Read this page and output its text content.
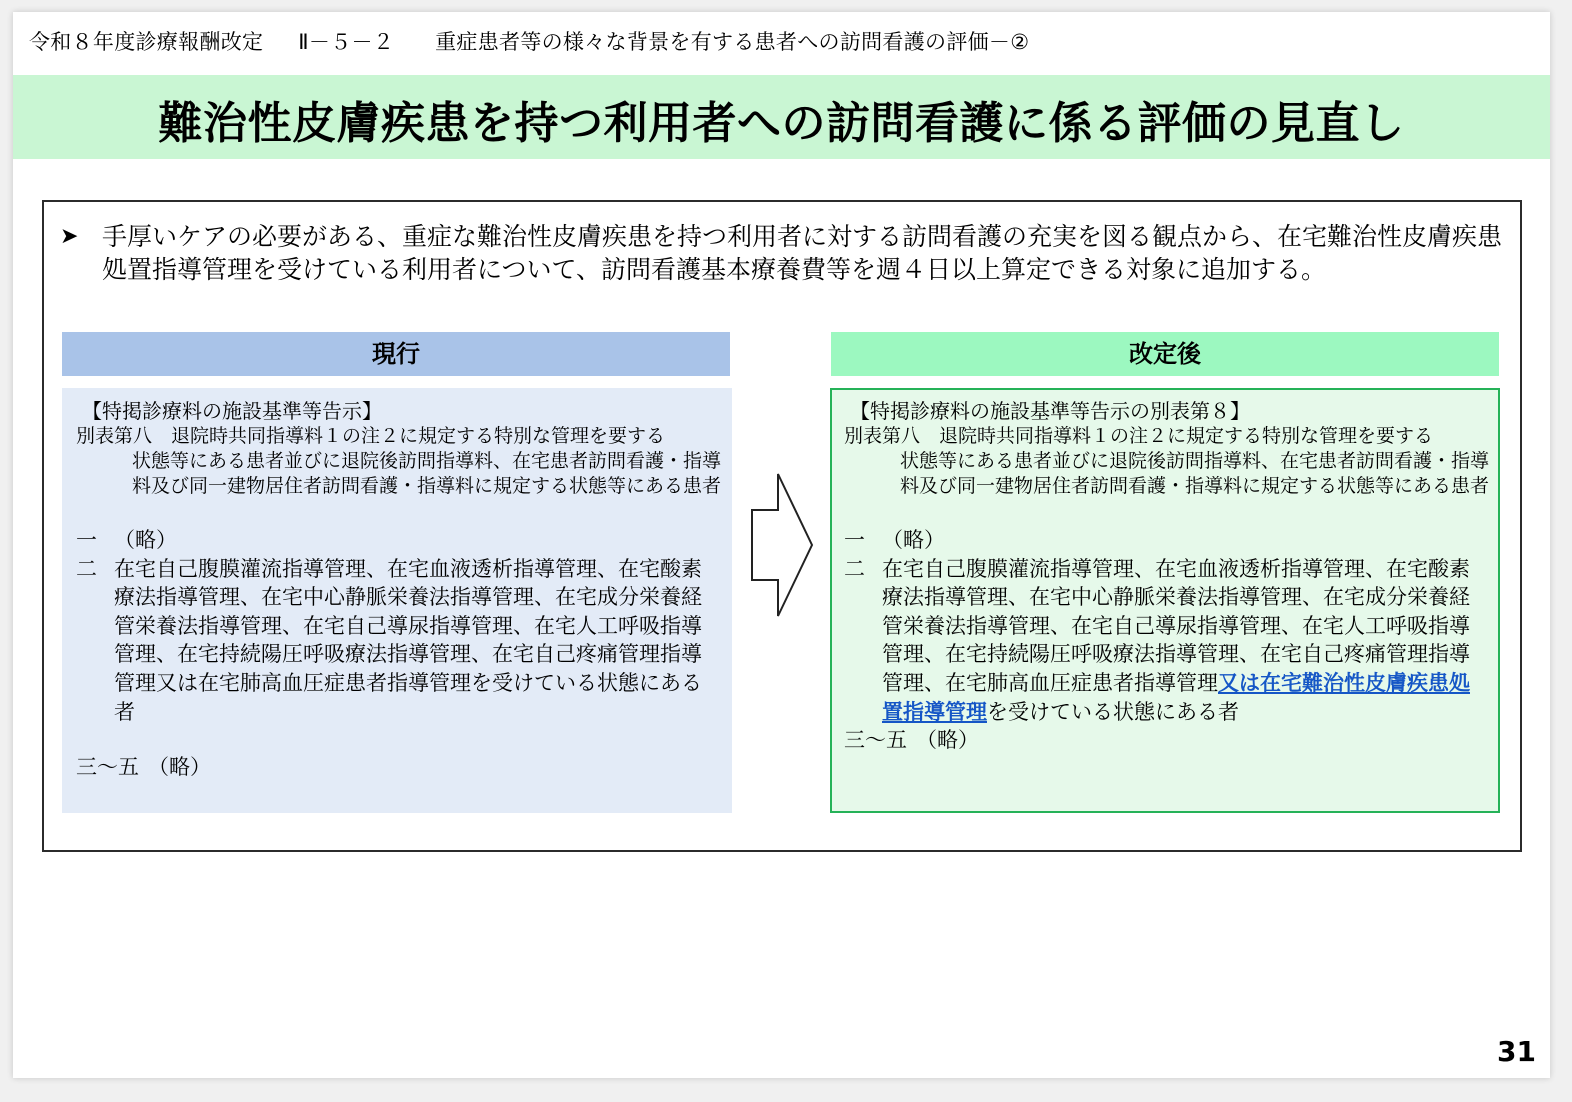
令和８年度診療報酬改定 Ⅱ－５－２ 重症患者等の様々な背景を有する患者への訪問看護の評価－②
難治性皮膚疾患を持つ利用者への訪問看護に係る評価の見直し
➤ 手厚いケアの必要がある、重症な難治性皮膚疾患を持つ利用者に対する訪問看護の充実を図る観点から、在宅難治性皮膚疾患処置指導管理を受けている利用者について、訪問看護基本療養費等を週４日以上算定できる対象に追加する。
現行	改定後
【特掲診療料の施設基準等告示】
別表第八　退院時共同指導料１の注２に規定する特別な管理を要する
状態等にある患者並びに退院後訪問指導料、在宅患者訪問看護・指導料及び同一建物居住者訪問看護・指導料に規定する状態等にある患者
一 （略）
二 在宅自己腹膜灌流指導管理、在宅血液透析指導管理、在宅酸素療法指導管理、在宅中心静脈栄養法指導管理、在宅成分栄養経管栄養法指導管理、在宅自己導尿指導管理、在宅人工呼吸指導管理、在宅持続陽圧呼吸療法指導管理、在宅自己疼痛管理指導管理又は在宅肺高血圧症患者指導管理を受けている状態にある者
三～五 （略）
【特掲診療料の施設基準等告示の別表第８】
別表第八　退院時共同指導料１の注２に規定する特別な管理を要する
状態等にある患者並びに退院後訪問指導料、在宅患者訪問看護・指導料及び同一建物居住者訪問看護・指導料に規定する状態等にある患者
一 （略）
二 在宅自己腹膜灌流指導管理、在宅血液透析指導管理、在宅酸素療法指導管理、在宅中心静脈栄養法指導管理、在宅成分栄養経管栄養法指導管理、在宅自己導尿指導管理、在宅人工呼吸指導管理、在宅持続陽圧呼吸療法指導管理、在宅自己疼痛管理指導管理、在宅肺高血圧症患者指導管理又は在宅難治性皮膚疾患処置指導管理を受けている状態にある者
三～五 （略）
31
